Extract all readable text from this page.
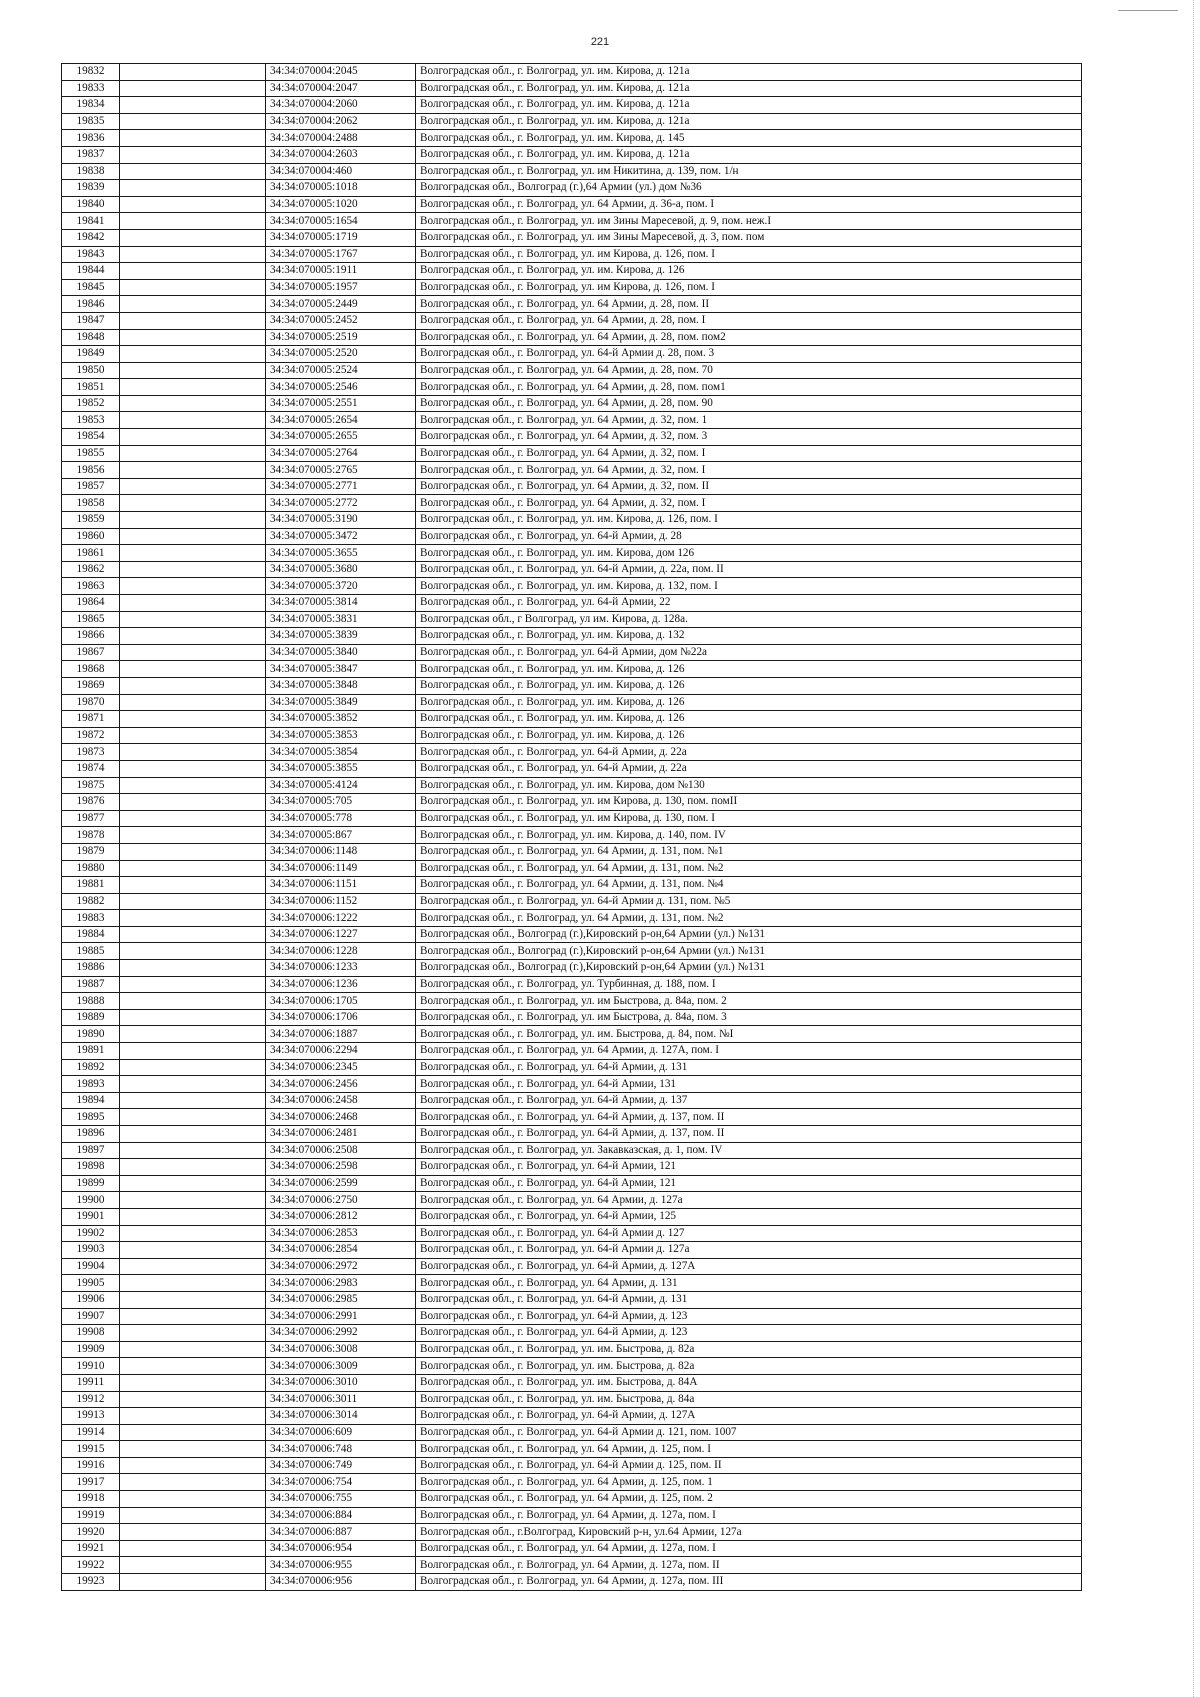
221
19832		34:34:070004:2045	Волгоградская обл., г. Волгоград, ул. им. Кирова, д. 121а
19833		34:34:070004:2047	Волгоградская обл., г. Волгоград, ул. им. Кирова, д. 121а
19834		34:34:070004:2060	Волгоградская обл., г. Волгоград, ул. им. Кирова, д. 121а
19835		34:34:070004:2062	Волгоградская обл., г. Волгоград, ул. им. Кирова, д. 121а
19836		34:34:070004:2488	Волгоградская обл., г. Волгоград, ул. им. Кирова, д. 145
19837		34:34:070004:2603	Волгоградская обл., г. Волгоград, ул. им. Кирова, д. 121а
19838		34:34:070004:460	Волгоградская обл., г. Волгоград, ул. им Никитина, д. 139, пом. 1/н
19839		34:34:070005:1018	Волгоградская обл., Волгоград (г.),64 Армии (ул.) дом №36
19840		34:34:070005:1020	Волгоградская обл., г. Волгоград, ул. 64 Армии, д. 36-а, пом. I
19841		34:34:070005:1654	Волгоградская обл., г. Волгоград, ул. им Зины Маресевой, д. 9, пом. неж.I
19842		34:34:070005:1719	Волгоградская обл., г. Волгоград, ул. им Зины Маресевой, д. 3, пом. пом
19843		34:34:070005:1767	Волгоградская обл., г. Волгоград, ул. им Кирова, д. 126, пом. I
19844		34:34:070005:1911	Волгоградская обл., г. Волгоград, ул. им. Кирова, д. 126
19845		34:34:070005:1957	Волгоградская обл., г. Волгоград, ул. им Кирова, д. 126, пом. I
19846		34:34:070005:2449	Волгоградская обл., г. Волгоград, ул. 64 Армии, д. 28, пом. II
19847		34:34:070005:2452	Волгоградская обл., г. Волгоград, ул. 64 Армии, д. 28, пом. I
19848		34:34:070005:2519	Волгоградская обл., г. Волгоград, ул. 64 Армии, д. 28, пом. пом2
19849		34:34:070005:2520	Волгоградская обл., г. Волгоград, ул. 64-й Армии д. 28, пом. 3
19850		34:34:070005:2524	Волгоградская обл., г. Волгоград, ул. 64 Армии, д. 28, пом. 70
19851		34:34:070005:2546	Волгоградская обл., г. Волгоград, ул. 64 Армии, д. 28, пом. пом1
19852		34:34:070005:2551	Волгоградская обл., г. Волгоград, ул. 64 Армии, д. 28, пом. 90
19853		34:34:070005:2654	Волгоградская обл., г. Волгоград, ул. 64 Армии, д. 32, пом. 1
19854		34:34:070005:2655	Волгоградская обл., г. Волгоград, ул. 64 Армии, д. 32, пом. 3
19855		34:34:070005:2764	Волгоградская обл., г. Волгоград, ул. 64 Армии, д. 32, пом. I
19856		34:34:070005:2765	Волгоградская обл., г. Волгоград, ул. 64 Армии, д. 32, пом. I
19857		34:34:070005:2771	Волгоградская обл., г. Волгоград, ул. 64 Армии, д. 32, пом. II
19858		34:34:070005:2772	Волгоградская обл., г. Волгоград, ул. 64 Армии, д. 32, пом. I
19859		34:34:070005:3190	Волгоградская обл., г. Волгоград, ул. им. Кирова, д. 126, пом. I
19860		34:34:070005:3472	Волгоградская обл., г. Волгоград, ул. 64-й Армии, д. 28
19861		34:34:070005:3655	Волгоградская обл., г. Волгоград, ул. им. Кирова, дом 126
19862		34:34:070005:3680	Волгоградская обл., г. Волгоград, ул. 64-й Армии, д. 22а, пом. II
19863		34:34:070005:3720	Волгоградская обл., г. Волгоград, ул. им. Кирова, д. 132, пом. I
19864		34:34:070005:3814	Волгоградская обл., г. Волгоград, ул. 64-й Армии, 22
19865		34:34:070005:3831	Волгоградская обл., г Волгоград, ул им. Кирова, д. 128а.
19866		34:34:070005:3839	Волгоградская обл., г. Волгоград, ул. им. Кирова, д. 132
19867		34:34:070005:3840	Волгоградская обл., г. Волгоград, ул. 64-й Армии, дом №22а
19868		34:34:070005:3847	Волгоградская обл., г. Волгоград, ул. им. Кирова, д. 126
19869		34:34:070005:3848	Волгоградская обл., г. Волгоград, ул. им. Кирова, д. 126
19870		34:34:070005:3849	Волгоградская обл., г. Волгоград, ул. им. Кирова, д. 126
19871		34:34:070005:3852	Волгоградская обл., г. Волгоград, ул. им. Кирова, д. 126
19872		34:34:070005:3853	Волгоградская обл., г. Волгоград, ул. им. Кирова, д. 126
19873		34:34:070005:3854	Волгоградская обл., г. Волгоград, ул. 64-й Армии, д. 22а
19874		34:34:070005:3855	Волгоградская обл., г. Волгоград, ул. 64-й Армии, д. 22а
19875		34:34:070005:4124	Волгоградская обл., г. Волгоград, ул. им. Кирова, дом №130
19876		34:34:070005:705	Волгоградская обл., г. Волгоград, ул. им Кирова, д. 130, пом. помII
19877		34:34:070005:778	Волгоградская обл., г. Волгоград, ул. им Кирова, д. 130, пом. I
19878		34:34:070005:867	Волгоградская обл., г. Волгоград, ул. им. Кирова, д. 140, пом. IV
19879		34:34:070006:1148	Волгоградская обл., г. Волгоград, ул. 64 Армии, д. 131, пом. №1
19880		34:34:070006:1149	Волгоградская обл., г. Волгоград, ул. 64 Армии, д. 131, пом. №2
19881		34:34:070006:1151	Волгоградская обл., г. Волгоград, ул. 64 Армии, д. 131, пом. №4
19882		34:34:070006:1152	Волгоградская обл., г. Волгоград, ул. 64-й Армии д. 131, пом. №5
19883		34:34:070006:1222	Волгоградская обл., г. Волгоград, ул. 64 Армии, д. 131, пом. №2
19884		34:34:070006:1227	Волгоградская обл., Волгоград (г.),Кировский р-он,64 Армии (ул.) №131
19885		34:34:070006:1228	Волгоградская обл., Волгоград (г.),Кировский р-он,64 Армии (ул.) №131
19886		34:34:070006:1233	Волгоградская обл., Волгоград (г.),Кировский р-он,64 Армии (ул.) №131
19887		34:34:070006:1236	Волгоградская обл., г. Волгоград, ул. Турбинная, д. 188, пом. I
19888		34:34:070006:1705	Волгоградская обл., г. Волгоград, ул. им Быстрова, д. 84а, пом. 2
19889		34:34:070006:1706	Волгоградская обл., г. Волгоград, ул. им Быстрова, д. 84а, пом. 3
19890		34:34:070006:1887	Волгоградская обл., г. Волгоград, ул. им. Быстрова, д. 84, пом. №I
19891		34:34:070006:2294	Волгоградская обл., г. Волгоград, ул. 64 Армии, д. 127А, пом. I
19892		34:34:070006:2345	Волгоградская обл., г. Волгоград, ул. 64-й Армии, д. 131
19893		34:34:070006:2456	Волгоградская обл., г. Волгоград, ул. 64-й Армии, 131
19894		34:34:070006:2458	Волгоградская обл., г. Волгоград, ул. 64-й Армии, д. 137
19895		34:34:070006:2468	Волгоградская обл., г. Волгоград, ул. 64-й Армии, д. 137, пом. II
19896		34:34:070006:2481	Волгоградская обл., г. Волгоград, ул. 64-й Армии, д. 137, пом. II
19897		34:34:070006:2508	Волгоградская обл., г. Волгоград, ул. Закавказская, д. 1, пом. IV
19898		34:34:070006:2598	Волгоградская обл., г. Волгоград, ул. 64-й Армии, 121
19899		34:34:070006:2599	Волгоградская обл., г. Волгоград, ул. 64-й Армии, 121
19900		34:34:070006:2750	Волгоградская обл., г. Волгоград, ул. 64 Армии, д. 127а
19901		34:34:070006:2812	Волгоградская обл., г. Волгоград, ул. 64-й Армии, 125
19902		34:34:070006:2853	Волгоградская обл., г. Волгоград, ул. 64-й Армии д. 127
19903		34:34:070006:2854	Волгоградская обл., г. Волгоград, ул. 64-й Армии д. 127а
19904		34:34:070006:2972	Волгоградская обл., г. Волгоград, ул. 64-й Армии, д. 127А
19905		34:34:070006:2983	Волгоградская обл., г. Волгоград, ул. 64 Армии, д. 131
19906		34:34:070006:2985	Волгоградская обл., г. Волгоград, ул. 64-й Армии, д. 131
19907		34:34:070006:2991	Волгоградская обл., г. Волгоград, ул. 64-й Армии, д. 123
19908		34:34:070006:2992	Волгоградская обл., г. Волгоград, ул. 64-й Армии, д. 123
19909		34:34:070006:3008	Волгоградская обл., г. Волгоград, ул. им. Быстрова, д. 82а
19910		34:34:070006:3009	Волгоградская обл., г. Волгоград, ул. им. Быстрова, д. 82а
19911		34:34:070006:3010	Волгоградская обл., г. Волгоград, ул. им. Быстрова, д. 84А
19912		34:34:070006:3011	Волгоградская обл., г. Волгоград, ул. им. Быстрова, д. 84а
19913		34:34:070006:3014	Волгоградская обл., г. Волгоград, ул. 64-й Армии, д. 127А
19914		34:34:070006:609	Волгоградская обл., г. Волгоград, ул. 64-й Армии д. 121, пом. 1007
19915		34:34:070006:748	Волгоградская обл., г. Волгоград, ул. 64 Армии, д. 125, пом. I
19916		34:34:070006:749	Волгоградская обл., г. Волгоград, ул. 64-й Армии д. 125, пом. II
19917		34:34:070006:754	Волгоградская обл., г. Волгоград, ул. 64 Армии, д. 125, пом. 1
19918		34:34:070006:755	Волгоградская обл., г. Волгоград, ул. 64 Армии, д. 125, пом. 2
19919		34:34:070006:884	Волгоградская обл., г. Волгоград, ул. 64 Армии, д. 127а, пом. I
19920		34:34:070006:887	Волгоградская обл., г.Волгоград, Кировский р-н, ул.64 Армии, 127а
19921		34:34:070006:954	Волгоградская обл., г. Волгоград, ул. 64 Армии, д. 127а, пом. I
19922		34:34:070006:955	Волгоградская обл., г. Волгоград, ул. 64 Армии, д. 127а, пом. II
19923		34:34:070006:956	Волгоградская обл., г. Волгоград, ул. 64 Армии, д. 127а, пом. III
